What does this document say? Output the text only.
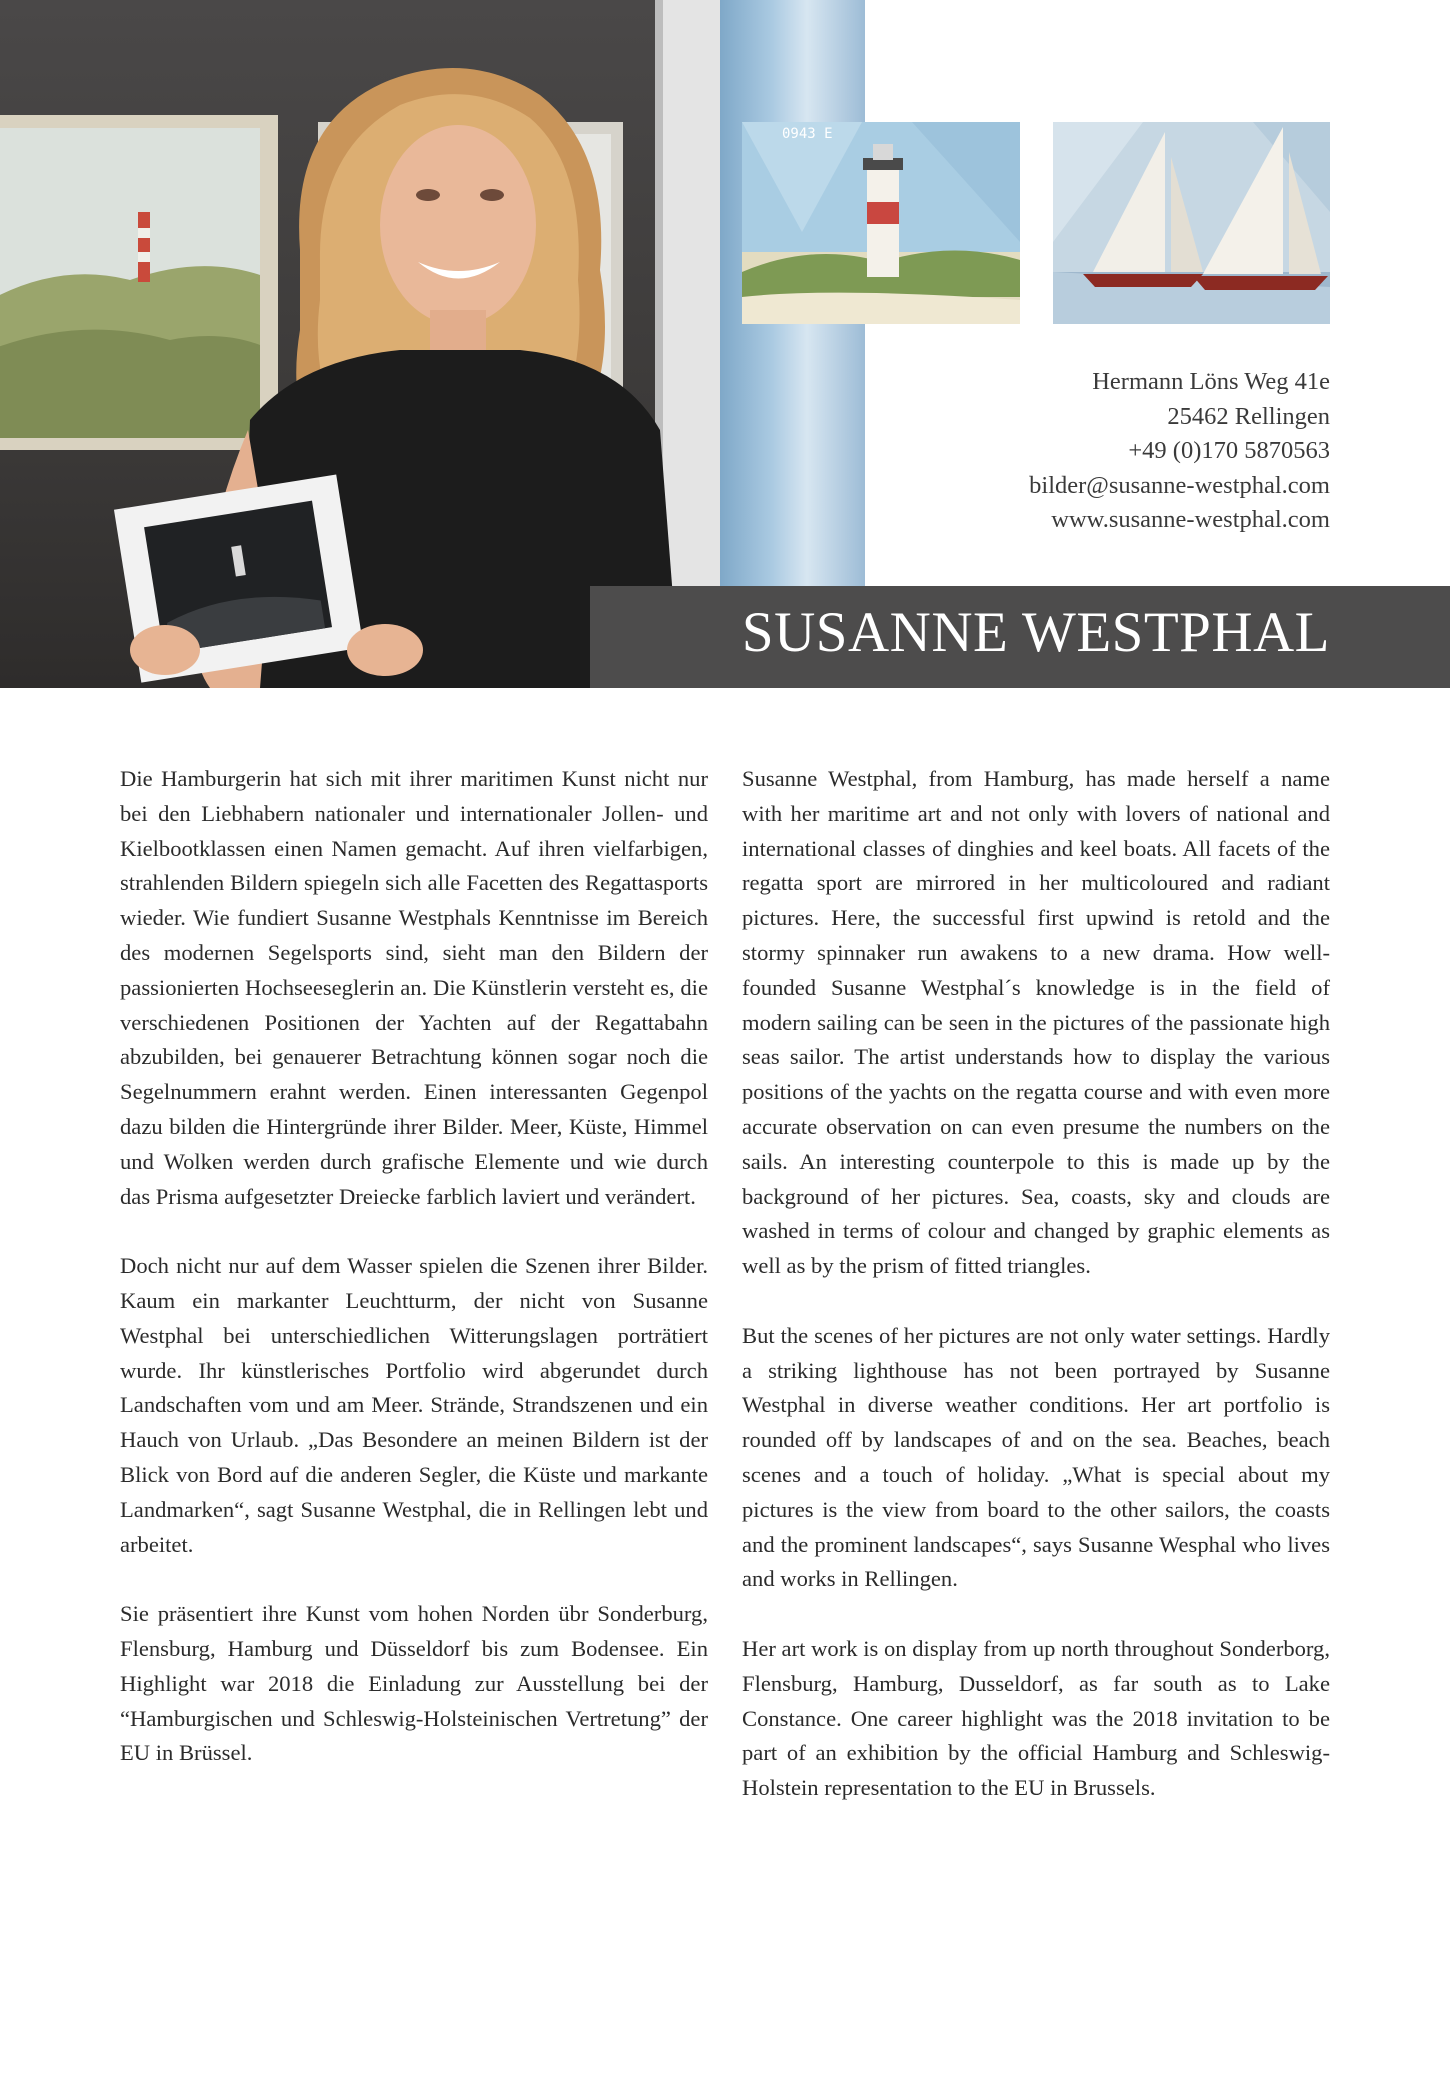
0943 E
Hermann Löns Weg 41e
25462 Rellingen
+49 (0)170 5870563
bilder@susanne-westphal.com
www.susanne-westphal.com
SUSANNE WESTPHAL

Die Hamburgerin hat sich mit ihrer maritimen Kunst nicht nur bei den Liebhabern nationaler und internationaler Jollen- und Kielbootklassen einen Namen gemacht. Auf ihren vielfarbigen, strahlenden Bildern spiegeln sich alle Facetten des Regattasports wieder. Wie fundiert Susanne Westphals Kenntnisse im Bereich des modernen Segelsports sind, sieht man den Bildern der passionierten Hochseeseglerin an. Die Künstlerin versteht es, die verschiedenen Positionen der Yachten auf der Regattabahn abzubilden, bei genauerer Betrachtung können sogar noch die Segelnummern erahnt werden. Einen interessanten Gegenpol dazu bilden die Hintergründe ihrer Bilder. Meer, Küste, Himmel und Wolken werden durch grafische Elemente und wie durch das Prisma aufgesetzter Dreiecke farblich laviert und verändert.

Doch nicht nur auf dem Wasser spielen die Szenen ihrer Bilder. Kaum ein markanter Leuchtturm, der nicht von Susanne Westphal bei unterschiedlichen Witterungslagen porträtiert wurde. Ihr künstlerisches Portfolio wird abgerundet durch Landschaften vom und am Meer. Strände, Strandszenen und ein Hauch von Urlaub. „Das Besondere an meinen Bildern ist der Blick von Bord auf die anderen Segler, die Küste und markante Landmarken“, sagt Susanne Westphal, die in Rellingen lebt und arbeitet.

Sie präsentiert ihre Kunst vom hohen Norden übr Sonderburg, Flensburg, Hamburg und Düsseldorf bis zum Bodensee. Ein Highlight war 2018 die Einladung zur Ausstellung bei der “Hamburgischen und Schleswig-Holsteinischen Vertretung” der EU in Brüssel.

Susanne Westphal, from Hamburg, has made herself a name with her maritime art and not only with lovers of national and international classes of dinghies and keel boats. All facets of the regatta sport are mirrored in her multicoloured and radiant pictures. Here, the successful first upwind is retold and the stormy spinnaker run awakens to a new drama. How well-founded Susanne Westphal´s knowledge is in the field of modern sailing can be seen in the pictures of the passionate high seas sailor. The artist understands how to display the various positions of the yachts on the regatta course and with even more accurate observation on can even presume the numbers on the sails. An interesting counterpole to this is made up by the background of her pictures. Sea, coasts, sky and clouds are washed in terms of colour and changed by graphic elements as well as by the prism of fitted triangles.

But the scenes of her pictures are not only water settings. Hardly a striking lighthouse has not been portrayed by Susanne Westphal in diverse weather conditions. Her art portfolio is rounded off by landscapes of and on the sea. Beaches, beach scenes and a touch of holiday. „What is special about my pictures is the view from board to the other sailors, the coasts and the prominent landscapes“, says Susanne Wesphal who lives and works in Rellingen.

Her art work is on display from up north throughout Sonderborg, Flensburg, Hamburg, Dusseldorf, as far south as to Lake Constance. One career highlight was the 2018 invitation to be part of an exhibition by the official Hamburg and Schleswig-Holstein representation to the EU in Brussels.
